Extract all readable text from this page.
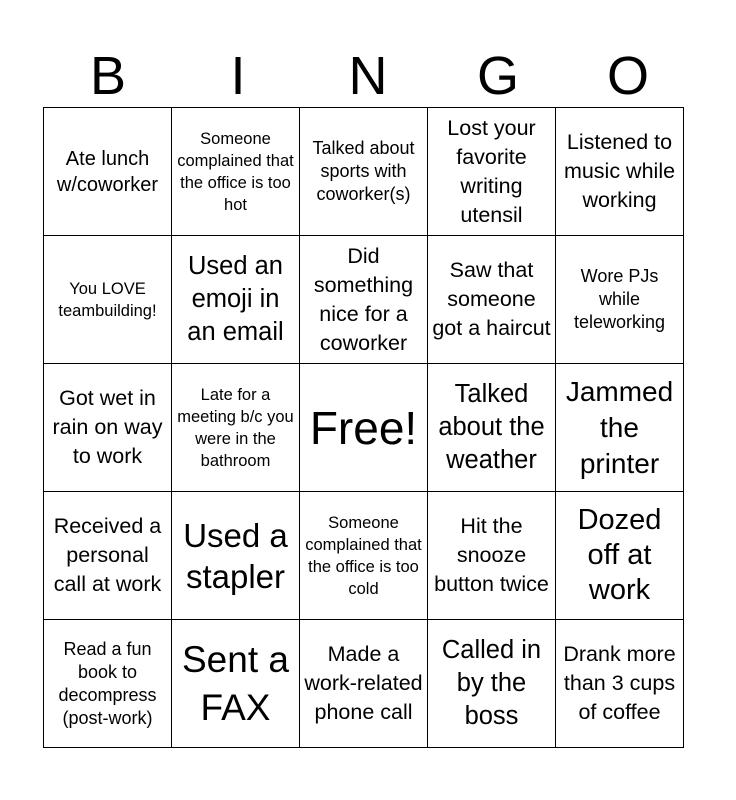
B	I	N	G	O
Ate lunch w/coworker	Someone complained that the office is too hot	Talked about sports with coworker(s)	Lost your favorite writing utensil	Listened to music while working

You LOVE teambuilding!	Used an emoji in an email	Did something nice for a coworker	Saw that someone got a haircut	Wore PJs while teleworking

Got wet in rain on way to work	Late for a meeting b/c you were in the bathroom	Free!	Talked about the weather	Jammed the printer

Received a personal call at work	Used a stapler	Someone complained that the office is too cold	Hit the snooze button twice	Dozed off at work

Read a fun book to decompress (post-work)	Sent a FAX	Made a work-related phone call	Called in by the boss	Drank more than 3 cups of coffee
